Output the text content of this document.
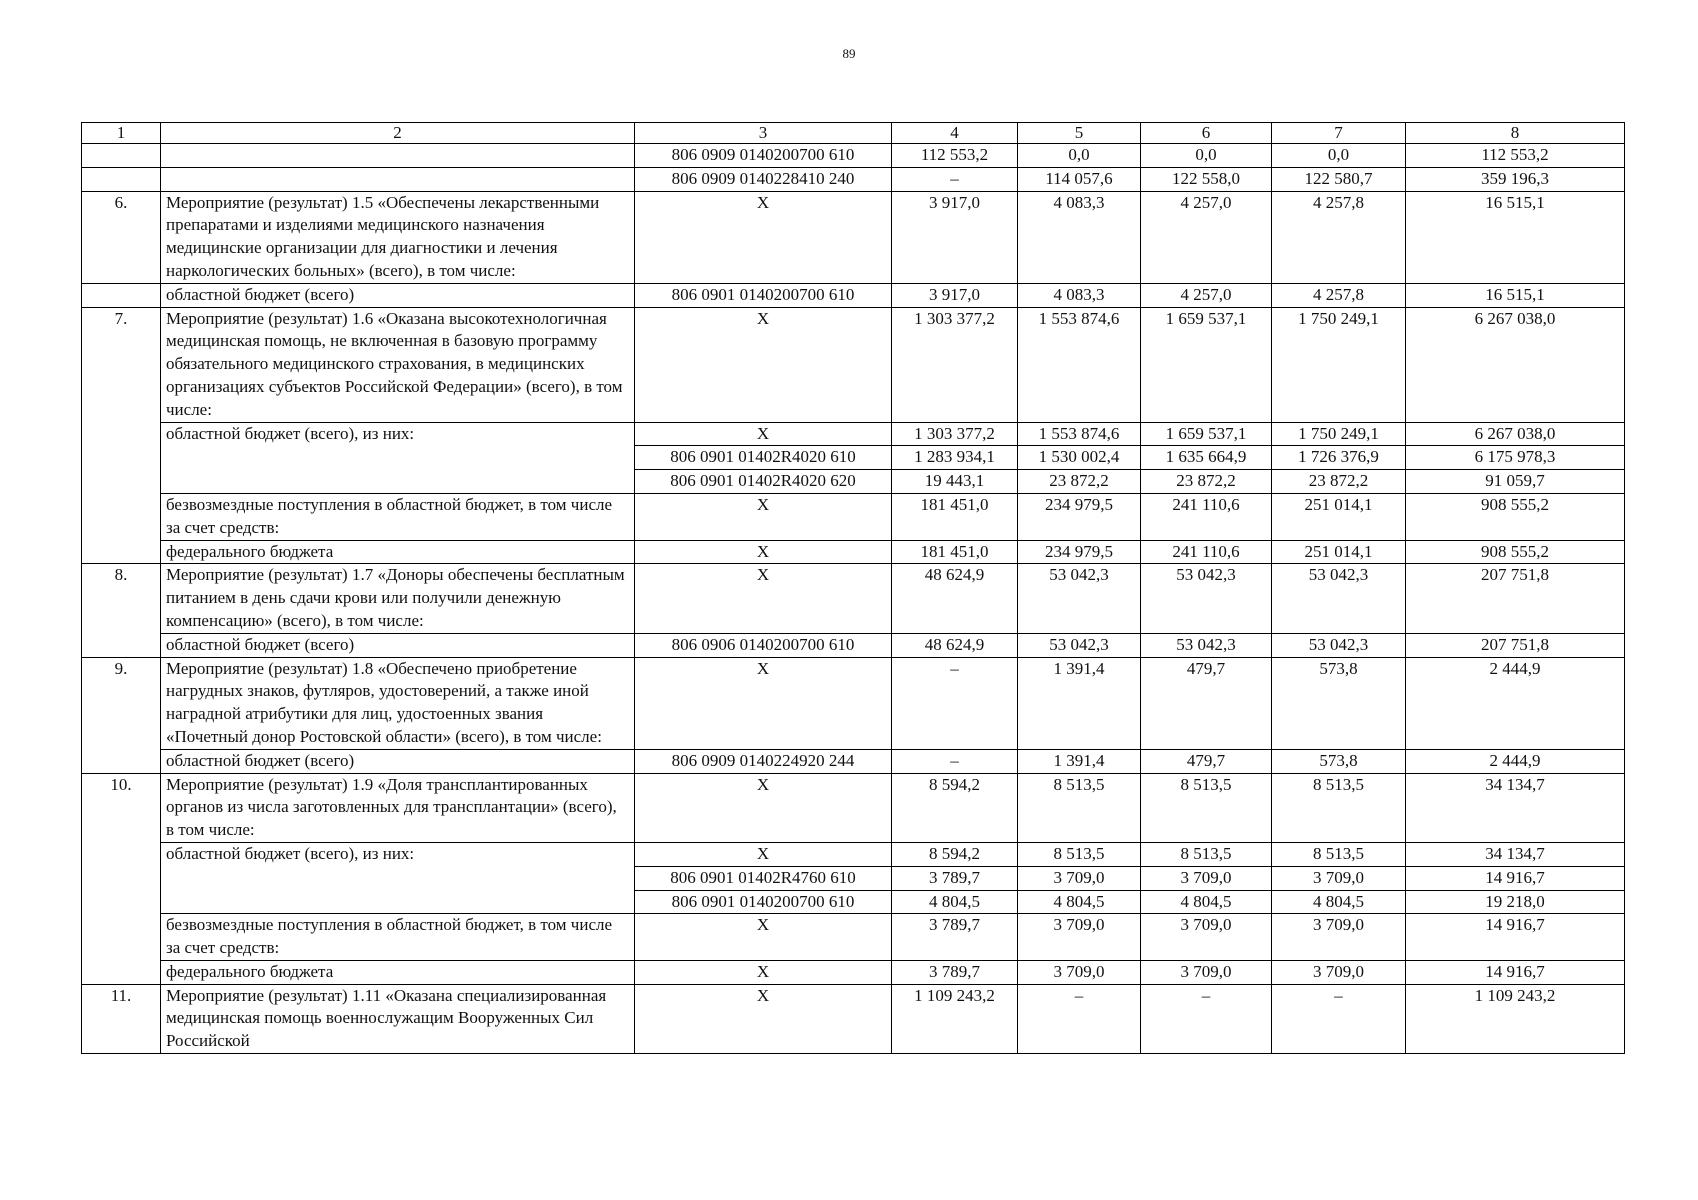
89
1	2	3	4	5	6	7	8
		806 0909 0140200700 610	112 553,2	0,0	0,0	0,0	112 553,2
		806 0909 0140228410 240	–	114 057,6	122 558,0	122 580,7	359 196,3
6.	Мероприятие (результат) 1.5 «Обеспечены лекарственными препаратами и изделиями медицинского назначения медицинские организации для диагностики и лечения наркологических больных» (всего), в том числе:	X	3 917,0	4 083,3	4 257,0	4 257,8	16 515,1
	областной бюджет (всего)	806 0901 0140200700 610	3 917,0	4 083,3	4 257,0	4 257,8	16 515,1
7.	Мероприятие (результат) 1.6 «Оказана высокотехнологичная медицинская помощь, не включенная в базовую программу обязательного медицинского страхования, в медицинских организациях субъектов Российской Федерации» (всего), в том числе:	X	1 303 377,2	1 553 874,6	1 659 537,1	1 750 249,1	6 267 038,0
	областной бюджет (всего), из них:	X	1 303 377,2	1 553 874,6	1 659 537,1	1 750 249,1	6 267 038,0
		806 0901 01402R4020 610	1 283 934,1	1 530 002,4	1 635 664,9	1 726 376,9	6 175 978,3
		806 0901 01402R4020 620	19 443,1	23 872,2	23 872,2	23 872,2	91 059,7
	безвозмездные поступления в областной бюджет, в том числе за счет средств:	X	181 451,0	234 979,5	241 110,6	251 014,1	908 555,2
	федерального бюджета	X	181 451,0	234 979,5	241 110,6	251 014,1	908 555,2
8.	Мероприятие (результат) 1.7 «Доноры обеспечены бесплатным питанием в день сдачи крови или получили денежную компенсацию» (всего), в том числе:	X	48 624,9	53 042,3	53 042,3	53 042,3	207 751,8
	областной бюджет (всего)	806 0906 0140200700 610	48 624,9	53 042,3	53 042,3	53 042,3	207 751,8
9.	Мероприятие (результат) 1.8 «Обеспечено приобретение нагрудных знаков, футляров, удостоверений, а также иной наградной атрибутики для лиц, удостоенных звания «Почетный донор Ростовской области» (всего), в том числе:	X	–	1 391,4	479,7	573,8	2 444,9
	областной бюджет (всего)	806 0909 0140224920 244	–	1 391,4	479,7	573,8	2 444,9
10.	Мероприятие (результат) 1.9 «Доля трансплантированных органов из числа заготовленных для трансплантации» (всего), в том числе:	X	8 594,2	8 513,5	8 513,5	8 513,5	34 134,7
	областной бюджет (всего), из них:	X	8 594,2	8 513,5	8 513,5	8 513,5	34 134,7
		806 0901 01402R4760 610	3 789,7	3 709,0	3 709,0	3 709,0	14 916,7
		806 0901 0140200700 610	4 804,5	4 804,5	4 804,5	4 804,5	19 218,0
	безвозмездные поступления в областной бюджет, в том числе за счет средств:	X	3 789,7	3 709,0	3 709,0	3 709,0	14 916,7
	федерального бюджета	X	3 789,7	3 709,0	3 709,0	3 709,0	14 916,7
11.	Мероприятие (результат) 1.11 «Оказана специализированная медицинская помощь военнослужащим Вооруженных Сил Российской	X	1 109 243,2	–	–	–	1 109 243,2
